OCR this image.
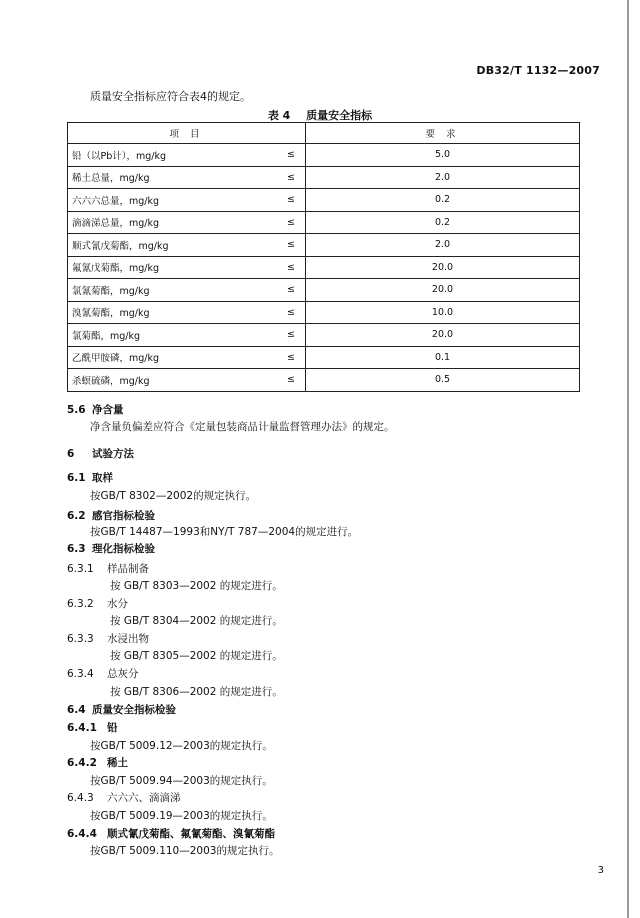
DB32/T 1132—2007
质量安全指标应符合表4的规定。
表 4 质量安全指标
项 目		要 求
铅（以Pb计），mg/kg	≤	5.0
稀土总量，mg/kg	≤	2.0
六六六总量，mg/kg	≤	0.2
滴滴涕总量，mg/kg	≤	0.2
顺式氰戊菊酯，mg/kg	≤	2.0
氟氰戊菊酯，mg/kg	≤	20.0
氯氰菊酯，mg/kg	≤	20.0
溴氰菊酯，mg/kg	≤	10.0
氯菊酯，mg/kg	≤	20.0
乙酰甲胺磷，mg/kg	≤	0.1
杀螟硫磷，mg/kg	≤	0.5
5.6 净含量
净含量负偏差应符合《定量包装商品计量监督管理办法》的规定。
6 试验方法
6.1 取样
按GB/T 8302—2002的规定执行。
6.2 感官指标检验
按GB/T 14487—1993和NY/T 787—2004的规定进行。
6.3 理化指标检验
6.3.1 样品制备
按 GB/T 8303—2002 的规定进行。
6.3.2 水分
按 GB/T 8304—2002 的规定进行。
6.3.3 水浸出物
按 GB/T 8305—2002 的规定进行。
6.3.4 总灰分
按 GB/T 8306—2002 的规定进行。
6.4 质量安全指标检验
6.4.1 铅
按GB/T 5009.12—2003的规定执行。
6.4.2 稀土
按GB/T 5009.94—2003的规定执行。
6.4.3 六六六、滴滴涕
按GB/T 5009.19—2003的规定执行。
6.4.4 顺式氰戊菊酯、氟氰菊酯、溴氰菊酯
按GB/T 5009.110—2003的规定执行。
3
